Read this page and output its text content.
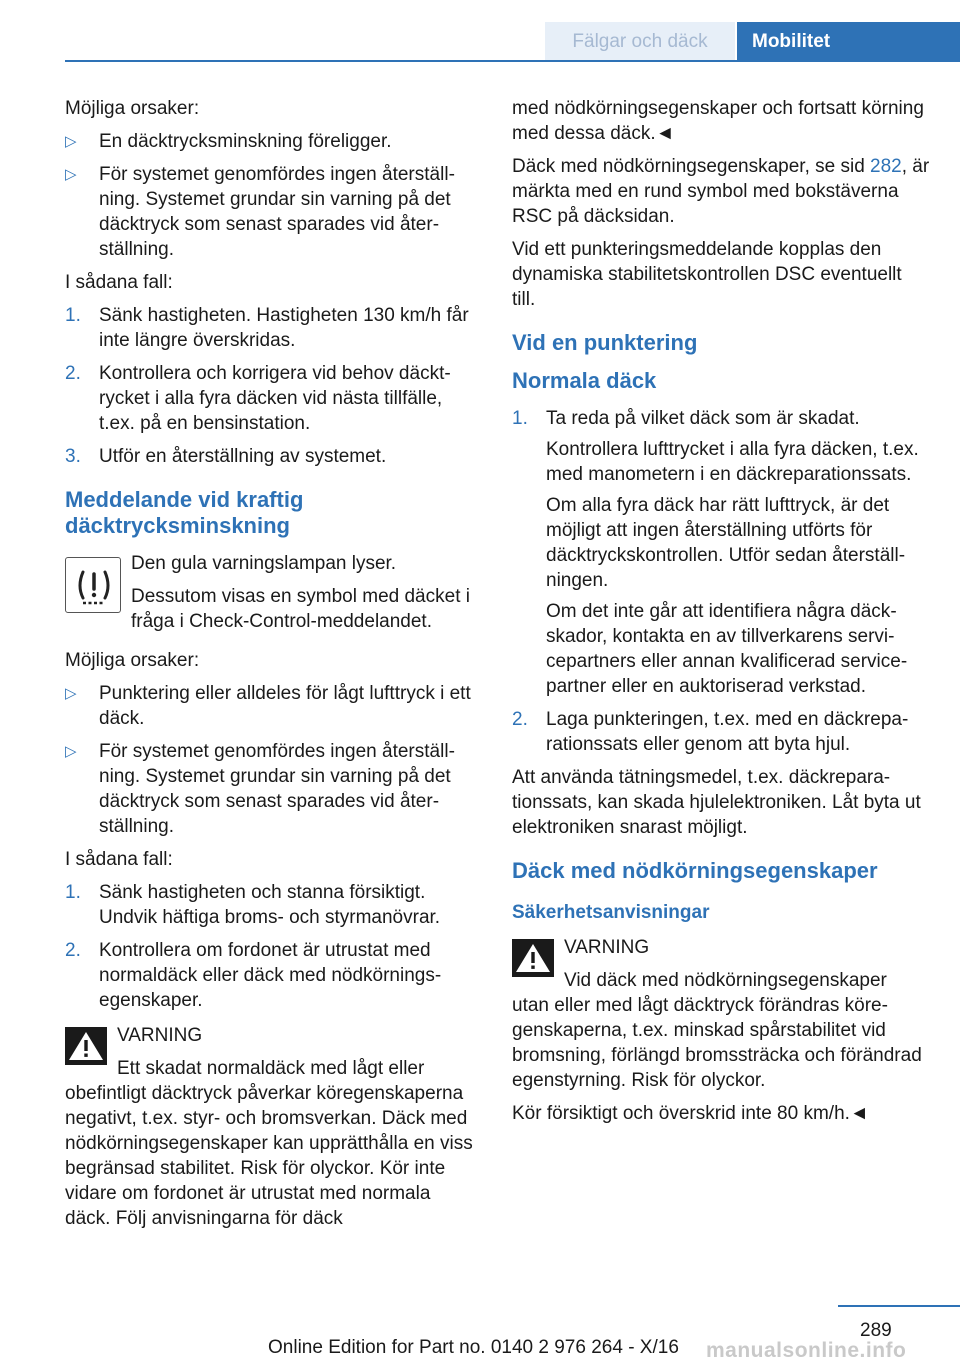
Fälgar och däck	Mobilitet

Möjliga orsaker:

▷ En däcktrycksminskning föreligger.
▷ För systemet genomfördes ingen återställning. Systemet grundar sin varning på det däcktryck som senast sparades vid återställning.

I sådana fall:

1. Sänk hastigheten. Hastigheten 130 km/h får inte längre överskridas.
2. Kontrollera och korrigera vid behov däcktrycket i alla fyra däcken vid nästa tillfälle, t.ex. på en bensinstation.
3. Utför en återställning av systemet.
Meddelande vid kraftig däcktrycksminskning

Den gula varningslampan lyser.

Dessutom visas en symbol med däcket i fråga i Check-Control-meddelandet.

Möjliga orsaker:

▷ Punktering eller alldeles för lågt lufttryck i ett däck.
▷ För systemet genomfördes ingen återställning. Systemet grundar sin varning på det däcktryck som senast sparades vid återställning.

I sådana fall:

1. Sänk hastigheten och stanna försiktigt. Undvik häftiga broms- och styrmanövrar.
2. Kontrollera om fordonet är utrustat med normaldäck eller däck med nödkörningsegenskaper.

VARNING

Ett skadat normaldäck med lågt eller

obefintligt däcktryck påverkar köregenskaperna negativt, t.ex. styr- och bromsverkan. Däck med nödkörningsegenskaper kan upprätthålla en viss begränsad stabilitet. Risk för olyckor. Kör inte vidare om fordonet är utrustat med normala däck. Följ anvisningarna för däck

med nödkörningsegenskaper och fortsatt körning med dessa däck.◄

Däck med nödkörningsegenskaper, se sid 282, är märkta med en rund symbol med bokstäverna RSC på däcksidan.

Vid ett punkteringsmeddelande kopplas den dynamiska stabilitetskontrollen DSC eventuellt till.

Vid en punktering
Normala däck
1. Ta reda på vilket däck som är skadat.
Kontrollera lufttrycket i alla fyra däcken, t.ex. med manometern i en däckreparationssats.
Om alla fyra däck har rätt lufttryck, är det möjligt att ingen återställning utförts för däcktryckskontrollen. Utför sedan återställningen.
Om det inte går att identifiera några däckskador, kontakta en av tillverkarens servicepartners eller annan kvalificerad servicepartner eller en auktoriserad verkstad.
2. Laga punkteringen, t.ex. med en däckreparationssats eller genom att byta hjul.

Att använda tätningsmedel, t.ex. däckreparationssats, kan skada hjulelektroniken. Låt byta ut elektroniken snarast möjligt.

Däck med nödkörningsegenskaper
Säkerhetsanvisningar

VARNING

Vid däck med nödkörningsegenskaper

utan eller med lågt däcktryck förändras köregenskaperna, t.ex. minskad spårstabilitet vid bromsning, förlängd bromssträcka och förändrad egenstyrning. Risk för olyckor.

Kör försiktigt och överskrid inte 80 km/h.◄

289
Online Edition for Part no. 0140 2 976 264 - X/16	manualsonline.info
